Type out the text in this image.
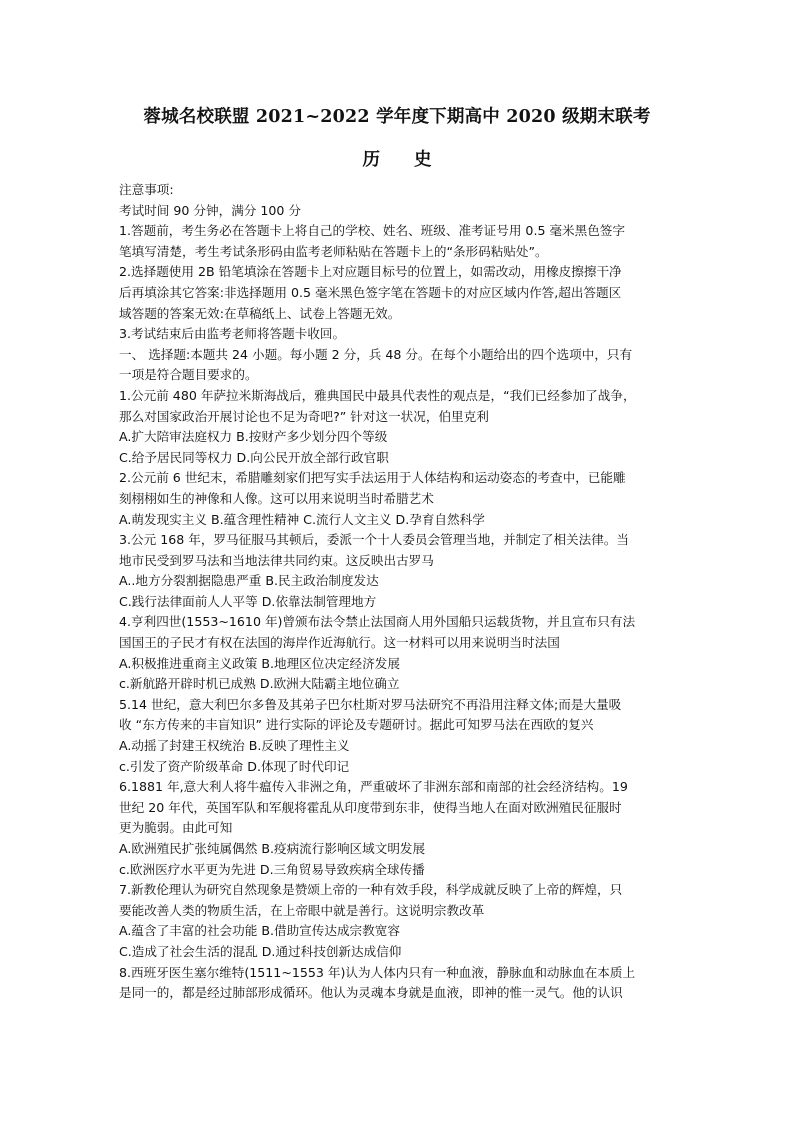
蓉城名校联盟 2021~2022 学年度下期高中 2020 级期末联考
历 史
注意事项:
考试时间 90 分钟，满分 100 分
1.答题前，考生务必在答题卡上将自己的学校、姓名、班级、准考证号用 0.5 毫米黑色签字
笔填写清楚，考生考试条形码由监考老师粘贴在答题卡上的“条形码粘贴处”。
2.选择题使用 2B 铅笔填涂在答题卡上对应题目标号的位置上，如需改动，用橡皮擦擦干净
后再填涂其它答案:非选择题用 0.5 毫米黑色签字笔在答题卡的对应区域内作答,超出答题区
域答题的答案无效:在草稿纸上、试卷上答题无效。
3.考试结束后由监考老师将答题卡收回。
一、 选择题:本题共 24 小题。每小题 2 分，兵 48 分。在每个小题给出的四个选项中，只有
一项是符合题目要求的。
1.公元前 480 年萨拉米斯海战后，雅典国民中最具代表性的观点是，“我们已经参加了战争，
那么对国家政治开展讨论也不足为奇吧?” 针对这一状况，伯里克利
A.扩大陪审法庭权力 B.按财产多少划分四个等级
C.给予居民同等权力 D.向公民开放全部行政官职
2.公元前 6 世纪末，希腊雕刻家们把写实手法运用于人体结构和运动姿态的考查中，已能雕
刻栩栩如生的神像和人像。这可以用来说明当时希腊艺术
A.萌发现实主义 B.蕴含理性精神 C.流行人文主义 D.孕育自然科学
3.公元 168 年，罗马征服马其顿后，委派一个十人委员会管理当地，并制定了相关法律。当
地市民受到罗马法和当地法律共同约束。这反映出古罗马
A..地方分裂割据隐患严重 B.民主政治制度发达
C.践行法律面前人人平等 D.依靠法制管理地方
4.亨利四世(1553~1610 年)曾颁布法令禁止法国商人用外国船只运载货物，并且宣布只有法
国国王的子民才有权在法国的海岸作近海航行。这一材料可以用来说明当时法国
A.积极推进重商主义政策 B.地理区位决定经济发展
c.新航路开辟时机已成熟 D.欧洲大陆霸主地位确立
5.14 世纪，意大利巴尔多鲁及其弟子巴尔杜斯对罗马法研究不再沿用注释文体;而是大量吸
收 “东方传来的丰盲知识” 进行实际的评论及专题研讨。据此可知罗马法在西欧的复兴
A.动摇了封建王权统治 B.反映了理性主义
c.引发了资产阶级革命 D.体现了时代印记
6.1881 年,意大利人将牛瘟传入非洲之角，严重破坏了非洲东部和南部的社会经济结构。19
世纪 20 年代，英国军队和军舰将霍乱从印度带到东非，使得当地人在面对欧洲殖民征服时
更为脆弱。由此可知
A.欧洲殖民扩张纯属偶然 B.疫病流行影响区域文明发展
c.欧洲医疗水平更为先进 D.三角贸易导致疾病全球传播
7.新教伦理认为研究自然现象是赞颂上帝的一种有效手段，科学成就反映了上帝的辉煌，只
要能改善人类的物质生活，在上帝眼中就是善行。这说明宗教改革
A.蕴含了丰富的社会功能 B.借助宣传达成宗教宽容
C.造成了社会生活的混乱 D.通过科技创新达成信仰
8.西班牙医生塞尔维特(1511~1553 年)认为人体内只有一种血液，静脉血和动脉血在本质上
是同一的，都是经过肺部形成循环。他认为灵魂本身就是血液，即神的惟一灵气。他的认识
